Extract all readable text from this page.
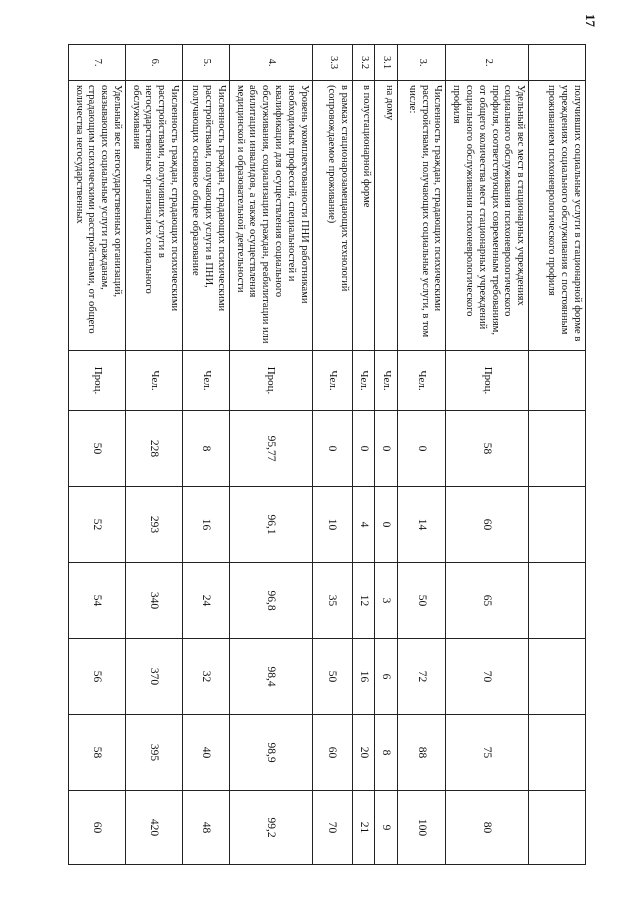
17
	получивших социальные услуги в стационарной форме в учреждениях социального обслуживания с постоянным проживанием психоневрологического профиля							
2.	Удельный вес мест в стационарных учреждениях социального обслуживания психоневрологического профиля, соответствующих современным требованиям, от общего количества мест стационарных учреждений социального обслуживания психоневрологического профиля	Проц.	58	60	65	70	75	80
3.	Численность граждан, страдающих психическими расстройствами, получающих социальные услуги, в том числе:	Чел.	0	14	50	72	88	100
3.1	на дому	Чел.	0	0	3	6	8	9
3.2	в полустационарной форме	Чел.	0	4	12	16	20	21
3.3	в рамках стационарозамещающих технологий (сопровождаемое проживание)	Чел.	0	10	35	50	60	70
4.	Уровень укомплектованности ПНИ работниками необходимых профессий, специальностей и квалификации для осуществления социального обслуживания, социализации граждан, реабилитации или абилитации инвалидов, а также осуществления медицинской и образовательной деятельности	Проц.	95,77	96,1	96,8	98,4	98,9	99,2
5.	Численность граждан, страдающих психическими расстройствами, получающих услуги в ПНИ, получающих основное общее образование	Чел.	8	16	24	32	40	48
6.	Численность граждан, страдающих психическими расстройствами, получивших услуги в негосударственных организациях социального обслуживания	Чел.	228	293	340	370	395	420
7.	Удельный вес негосударственных организаций, оказывающих социальные услуги гражданам, страдающим психическими расстройствами, от общего количества негосударственных	Проц.	50	52	54	56	58	60
